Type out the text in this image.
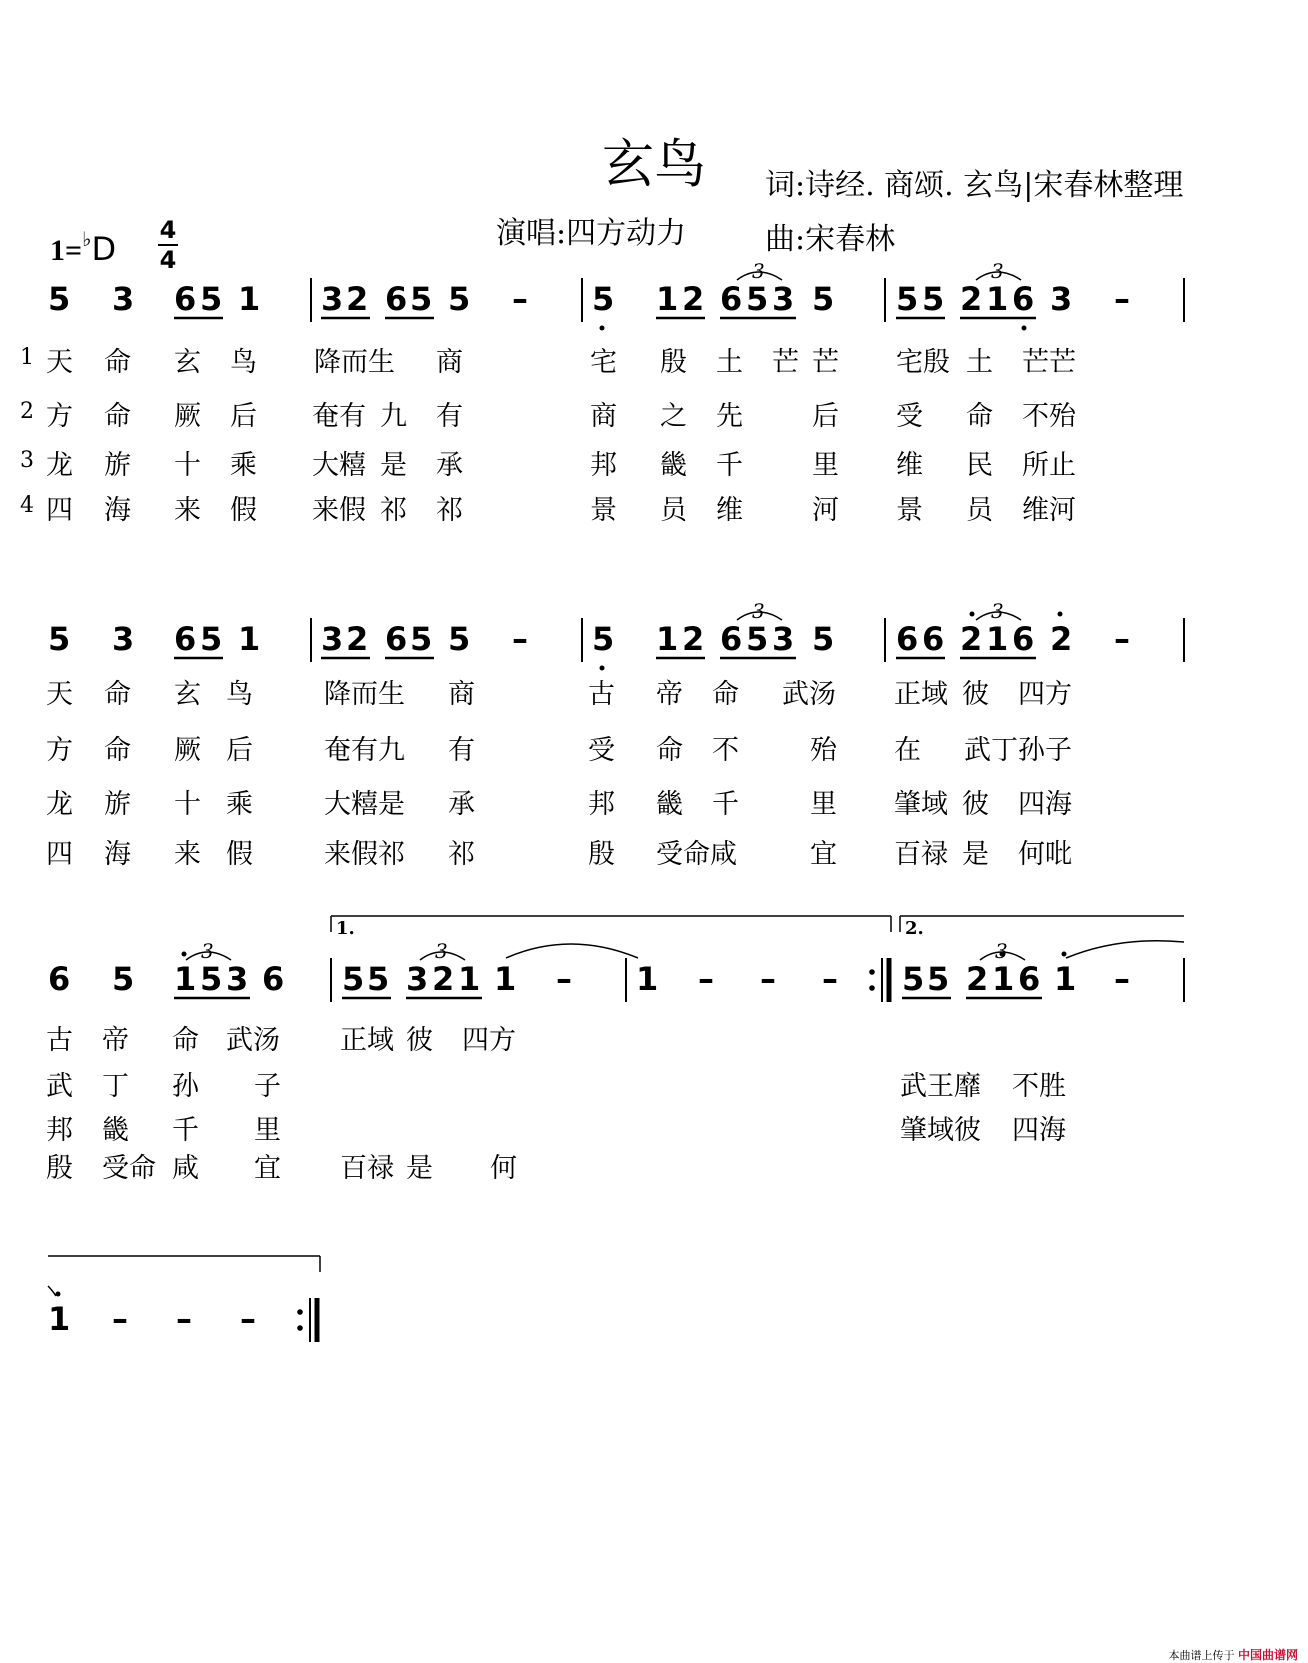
玄鸟	词:诗经. 商颂. 玄鸟|宋春林整理
演唱:四方动力	曲:宋春林
1=♭D 4
4
5 3 6 5 1 3 2 6 5 5 – 5 1 2 6 5 3
3
5 5 5 2 1 6
3
3 –
5 3 6 5 1 3 2 6 5 5 – 5 1 2 6 5 3
3
5 6 6 2 1 6
3
2 –
6 5 1 5 3
3
6
1.
5 5 3 2 1
3
1 – 1 – – –
2.
5 5 2 1 6
3
1 –
1 – – –
1
2
3
4
天 命 玄 鸟 降而生 商	宅 殷 土 芒 芒 宅殷 土 芒芒
方 命 厥 后 奄有 九 有	商 之 先	后 受 命 不殆
龙 旂 十 乘 大糦 是 承	邦 畿 千	里 维 民 所止
四 海 来 假 来假 祁 祁	景 员 维	河 景 员 维河
天 命 玄 鸟	降而生 商	古 帝 命 武汤 正域 彼 四方
方 命 厥 后	奄有九 有	受 命 不	殆 在 武丁孙子
龙 旂 十 乘	大糦是 承	邦 畿 千	里 肇域 彼 四海
四 海 来 假	来假祁 祁	殷 受命咸	宜 百禄 是 何吡
古 帝 命 武汤 正域 彼 四方
武 丁 孙 子	武王靡 不胜
邦 畿 千 里	肇域彼 四海
殷 受命 咸 宜 百禄 是 何
本曲谱上传于 中国曲谱网
